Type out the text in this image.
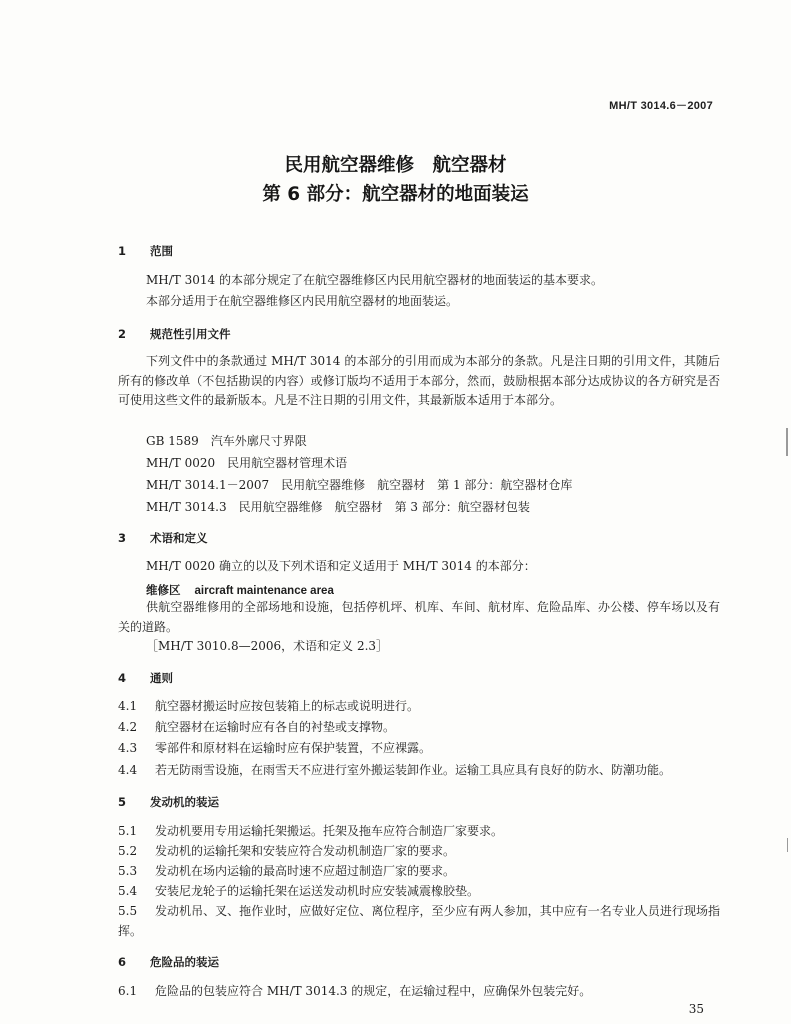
MH/T 3014.6－2007
民用航空器维修　航空器材
第 6 部分：航空器材的地面装运
1 范围
MH/T 3014 的本部分规定了在航空器维修区内民用航空器材的地面装运的基本要求。
本部分适用于在航空器维修区内民用航空器材的地面装运。
2 规范性引用文件
下列文件中的条款通过 MH/T 3014 的本部分的引用而成为本部分的条款。凡是注日期的引用文件，其随后所有的修改单（不包括勘误的内容）或修订版均不适用于本部分，然而，鼓励根据本部分达成协议的各方研究是否可使用这些文件的最新版本。凡是不注日期的引用文件，其最新版本适用于本部分。
GB 1589　汽车外廓尺寸界限
MH/T 0020　民用航空器材管理术语
MH/T 3014.1－2007　民用航空器维修　航空器材　第 1 部分：航空器材仓库
MH/T 3014.3　民用航空器维修　航空器材　第 3 部分：航空器材包装
3 术语和定义
MH/T 0020 确立的以及下列术语和定义适用于 MH/T 3014 的本部分：
维修区 aircraft maintenance area
供航空器维修用的全部场地和设施，包括停机坪、机库、车间、航材库、危险品库、办公楼、停车场以及有关的道路。
［MH/T 3010.8—2006，术语和定义 2.3］
4 通则
4.1 航空器材搬运时应按包装箱上的标志或说明进行。
4.2 航空器材在运输时应有各自的衬垫或支撑物。
4.3 零部件和原材料在运输时应有保护装置，不应裸露。
4.4 若无防雨雪设施，在雨雪天不应进行室外搬运装卸作业。运输工具应具有良好的防水、防潮功能。
5 发动机的装运
5.1 发动机要用专用运输托架搬运。托架及拖车应符合制造厂家要求。
5.2 发动机的运输托架和安装应符合发动机制造厂家的要求。
5.3 发动机在场内运输的最高时速不应超过制造厂家的要求。
5.4 安装尼龙轮子的运输托架在运送发动机时应安装减震橡胶垫。
5.5 发动机吊、叉、拖作业时，应做好定位、离位程序，至少应有两人参加，其中应有一名专业人员进行现场指挥。
6 危险品的装运
6.1 危险品的包装应符合 MH/T 3014.3 的规定，在运输过程中，应确保外包装完好。
35
